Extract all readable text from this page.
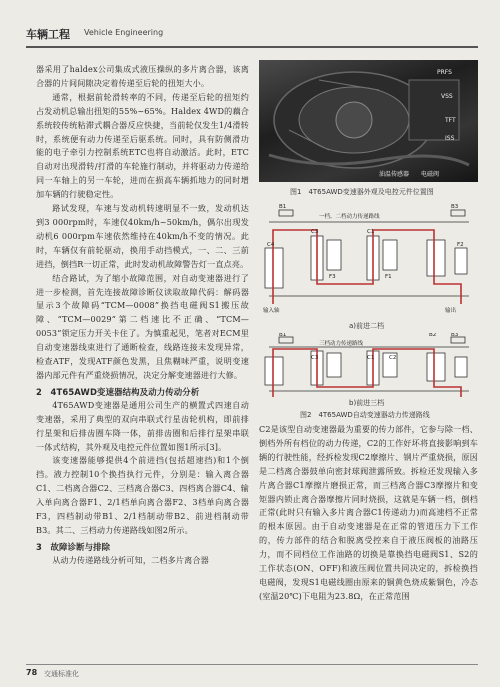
车辆工程 Vehicle Engineering

器采用了haldex公司集成式液压操纵的多片离合器，该离合器的片间间隙决定着传递至后轮的扭矩大小。

通常，根据前轮滑转率的不同，传递至后轮的扭矩约占发动机总输出扭矩的55%~65%。Haldex 4WD的藕合系统较传统粘滞式耦合器反应快捷，当前轮仅发生1/4滑转时，系统便有动力传递至后驱系统。同时，具有防侧滑功能的电子牵引力控制系统ETC也将自动激活。此时，ETC自动对出现滑转/打滑的车轮施行制动，并将驱动力传递给同一车轴上的另一车轮，进而在损高车辆抓地力的同时增加车辆的行驶稳定性。

路试发现，车速与发动机转速明显不一致，发动机达到3 000rpm时，车速仅40km/h~50km/h，偶尔出现发动机6 000rpm车速依然维持在40km/h不变的情况。此时，车辆仅有前轮驱动，换用手动挡模式，一、二、三前进挡，倒挡R一切正常，此时发动机故障警告灯一直点亮。

结合路试，为了缩小故障范围，对自动变速器进行了进一步检测，首先连接故障诊断仪读取故障代码：解码器显示3个故障码“TCM—0008”换挡电磁阀S1搬压故障、“TCM—0029”第二档速比不正确、“TCM—0053”锁定压力开关卡住了。为慎重起见，笔者对ECM里自动变速器线束进行了通断检查，线路连接未发现异常，检查ATF，发现ATF颜色发黑，且焦糊味严重，说明变速器内部元件有严重烧损情况，决定分解变速器进行大修。

2　4T65AWD变速器结构及动力传动分析

4T65AWD变速器是通用公司生产的横置式四速自动变速器，采用了典型的双向串联式行星齿轮机构，即前排行星架和后排齿圈车降一体，前排齿圈和后排行星架串联一体式结构，其外观及电控元件位置如图1所示[3]。

该变速器能够提供4个前进挡(包括超速挡)和1个倒挡。液力控制10个换挡执行元件，分别是：输入离合器C1、二档离合器C2、三档离合器C3、四档离合器C4、输入单向离合器F1、2/1档单向离合器F2、3档单向离合器F3，四档制动带B1、2/1档制动带B2、前进档制动带B3。其二、三档动力传递路线如图2所示。

3　故障诊断与排除

从动力传递路线分析可知，二档多片离合器

PRFS
VSS
TFT
ISS
油温传感器 电磁阀
图1　4T65AWD变速器外观及电控元件位置图
B1	B3
C3	C1
C4
F3	F1
F2
一档、二档动力传递路线
输入轴	输出
a)前进二档
B1	B2	B3
C3	C1	C2
三档动力传递路线
b)前进三档
图2　4T65AWD自动变速器动力传递路线

C2是该型自动变速器最为重要的传力部件，它参与除一档、倒档外所有档位的动力传递，C2的工作好坏将直接影响到车辆的行驶性能，经拆检发现C2摩擦片、钢片严重烧损，原因是二档离合器鼓单向密封球阀泄露所致。拆检还发现输入多片离合器C1摩擦片磨损正常，而三档离合器C3摩擦片和变矩器内锁止离合器摩擦片同时烧损，这就是车辆一档，倒档正常(此时只有输入多片离合器C1传递动力)而高速档不正常的根本原因。由于自动变速器是在正常的管道压力下工作的，传力部件的结合和脱离受控来自于液压阀板的油路压力，而不同档位工作油路的切换是靠换挡电磁阀S1、S2的工作状态(ON、OFF)和液压阀位置共同决定的，拆检换挡电磁阀，发现S1电磁线圈由原来的铜黄色烧成紫铜色，冷态(室温20℃)下电阻为23.8Ω，在正常范围

78 交通标准化
